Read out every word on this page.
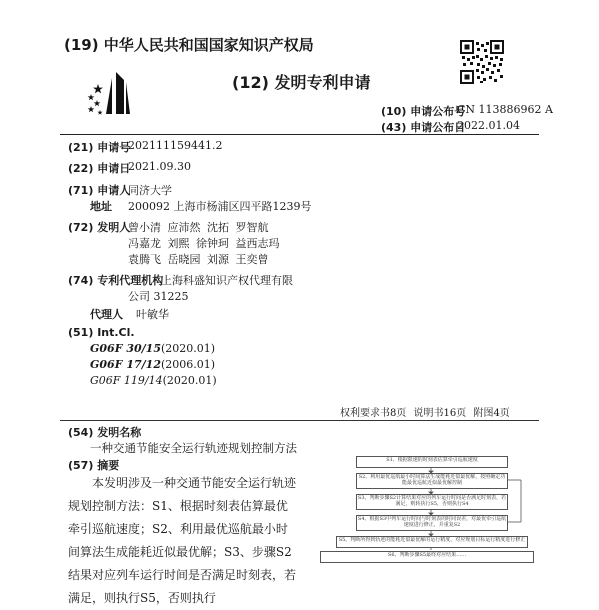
(19) 中华人民共和国国家知识产权局
(12) 发明专利申请
(10) 申请公布号
CN 113886962 A
(43) 申请公布日
2022.01.04
(21) 申请号
202111159441.2
(22) 申请日
2021.09.30
(71) 申请人
同济大学
地址 200092 上海市杨浦区四平路1239号
(72) 发明人
曾小清 应沛然 沈拓 罗智航
冯嘉龙 刘熙 徐钟珂 益西志玛
袁腾飞 岳晓园 刘源 王奕曾
(74) 专利代理机构
上海科盛知识产权代理有限
公司 31225
代理人 叶敏华
(51) Int.Cl.
G06F 30/15(2020.01)
G06F 17/12(2006.01)
G06F 119/14(2020.01)
权利要求书8页 说明书16页 附图4页
(54) 发明名称
一种交通节能安全运行轨迹规划控制方法
(57) 摘要
本发明涉及一种交通节能安全运行轨迹规划控制方法：S1、根据时刻表估算最优牵引巡航速度；S2、利用最优巡航最小时间算法生成能耗近似最优解；S3、步骤S2结果对应列车运行时间是否满足时刻表，若满足，则执行S5，否则执行
S1、根据限速的时刻表估算牵引巡航速度
S2、利用最优巡航最小时间算法生成能耗近似最优解，按照确定功能最优巡航近似最优解控制
S3、判断步骤S2计算结果对应的列车运行时间是否满足时刻表，若满足，则转执行S5，否则执行S4
S4、根据S3中列车运行时间与时刻表的时间误差，对最优牵引巡航速度进行修正，并重复S2
S5、判断所得到轨迹的能耗近似最优解的运行精度，对应规划目标运行精度进行修正
S6、判断步骤S5最终对应结果……
